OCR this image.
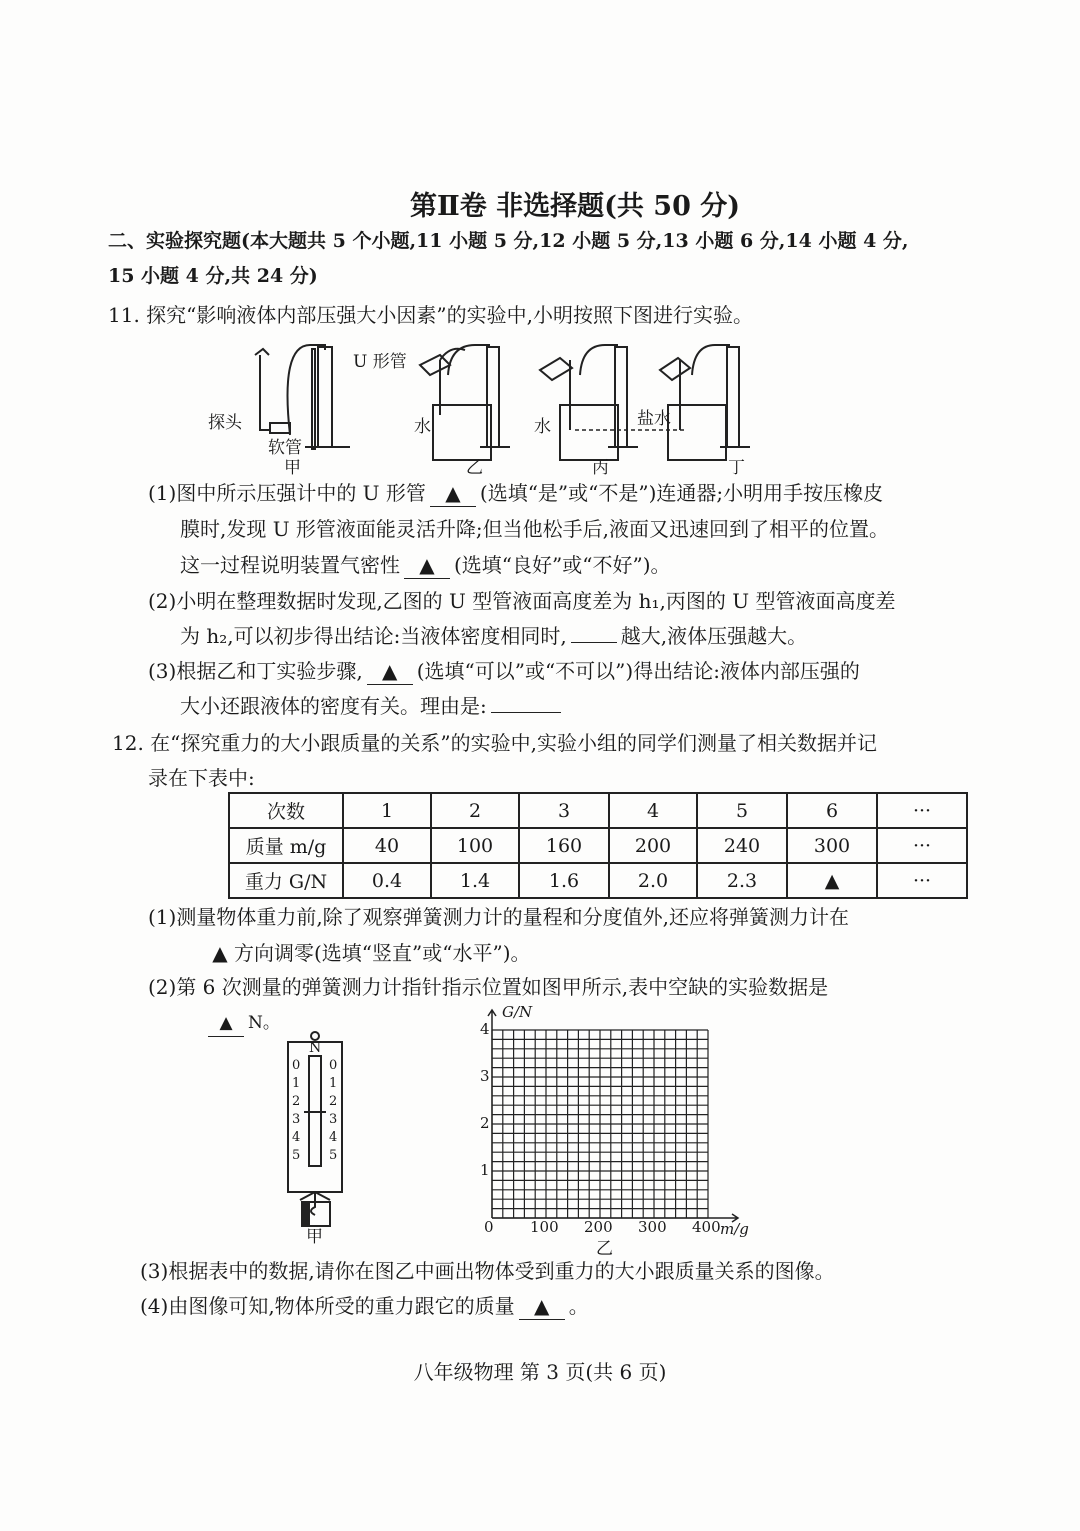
第Ⅱ卷 非选择题(共 50 分)
二、实验探究题(本大题共 5 个小题,11 小题 5 分,12 小题 5 分,13 小题 6 分,14 小题 4 分,
15 小题 4 分,共 24 分)
11. 探究“影响液体内部压强大小因素”的实验中,小明按照下图进行实验。
U 形管
探头
软管
甲	乙	丙	丁
水	水	盐水
(1)图中所示压强计中的 U 形管 ▲ (选填“是”或“不是”)连通器;小明用手按压橡皮
膜时,发现 U 形管液面能灵活升降;但当他松手后,液面又迅速回到了相平的位置。
这一过程说明装置气密性 ▲ (选填“良好”或“不好”)。
(2)小明在整理数据时发现,乙图的 U 型管液面高度差为 h₁,丙图的 U 型管液面高度差
为 h₂,可以初步得出结论:当液体密度相同时,	越大,液体压强越大。
(3)根据乙和丁实验步骤, ▲ (选填“可以”或“不可以”)得出结论:液体内部压强的
大小还跟液体的密度有关。理由是:
12. 在“探究重力的大小跟质量的关系”的实验中,实验小组的同学们测量了相关数据并记
录在下表中:
次数	1	2	3	4	5	6	···
质量 m/g	40	100	160	200	240	300	···
重力 G/N	0.4	1.4	1.6	2.0	2.3	▲	···
(1)测量物体重力前,除了观察弹簧测力计的量程和分度值外,还应将弹簧测力计在
▲ 方向调零(选填“竖直”或“水平”)。
(2)第 6 次测量的弹簧测力计指针指示位置如图甲所示,表中空缺的实验数据是
▲ N。
N
0 0
1 1
2 2
3 3
4 4
5 5
甲
G/N
m/g
0 100 200 300 400
1
2
3
4
乙
(3)根据表中的数据,请你在图乙中画出物体受到重力的大小跟质量关系的图像。
(4)由图像可知,物体所受的重力跟它的质量 ▲ 。
八年级物理 第 3 页(共 6 页)
